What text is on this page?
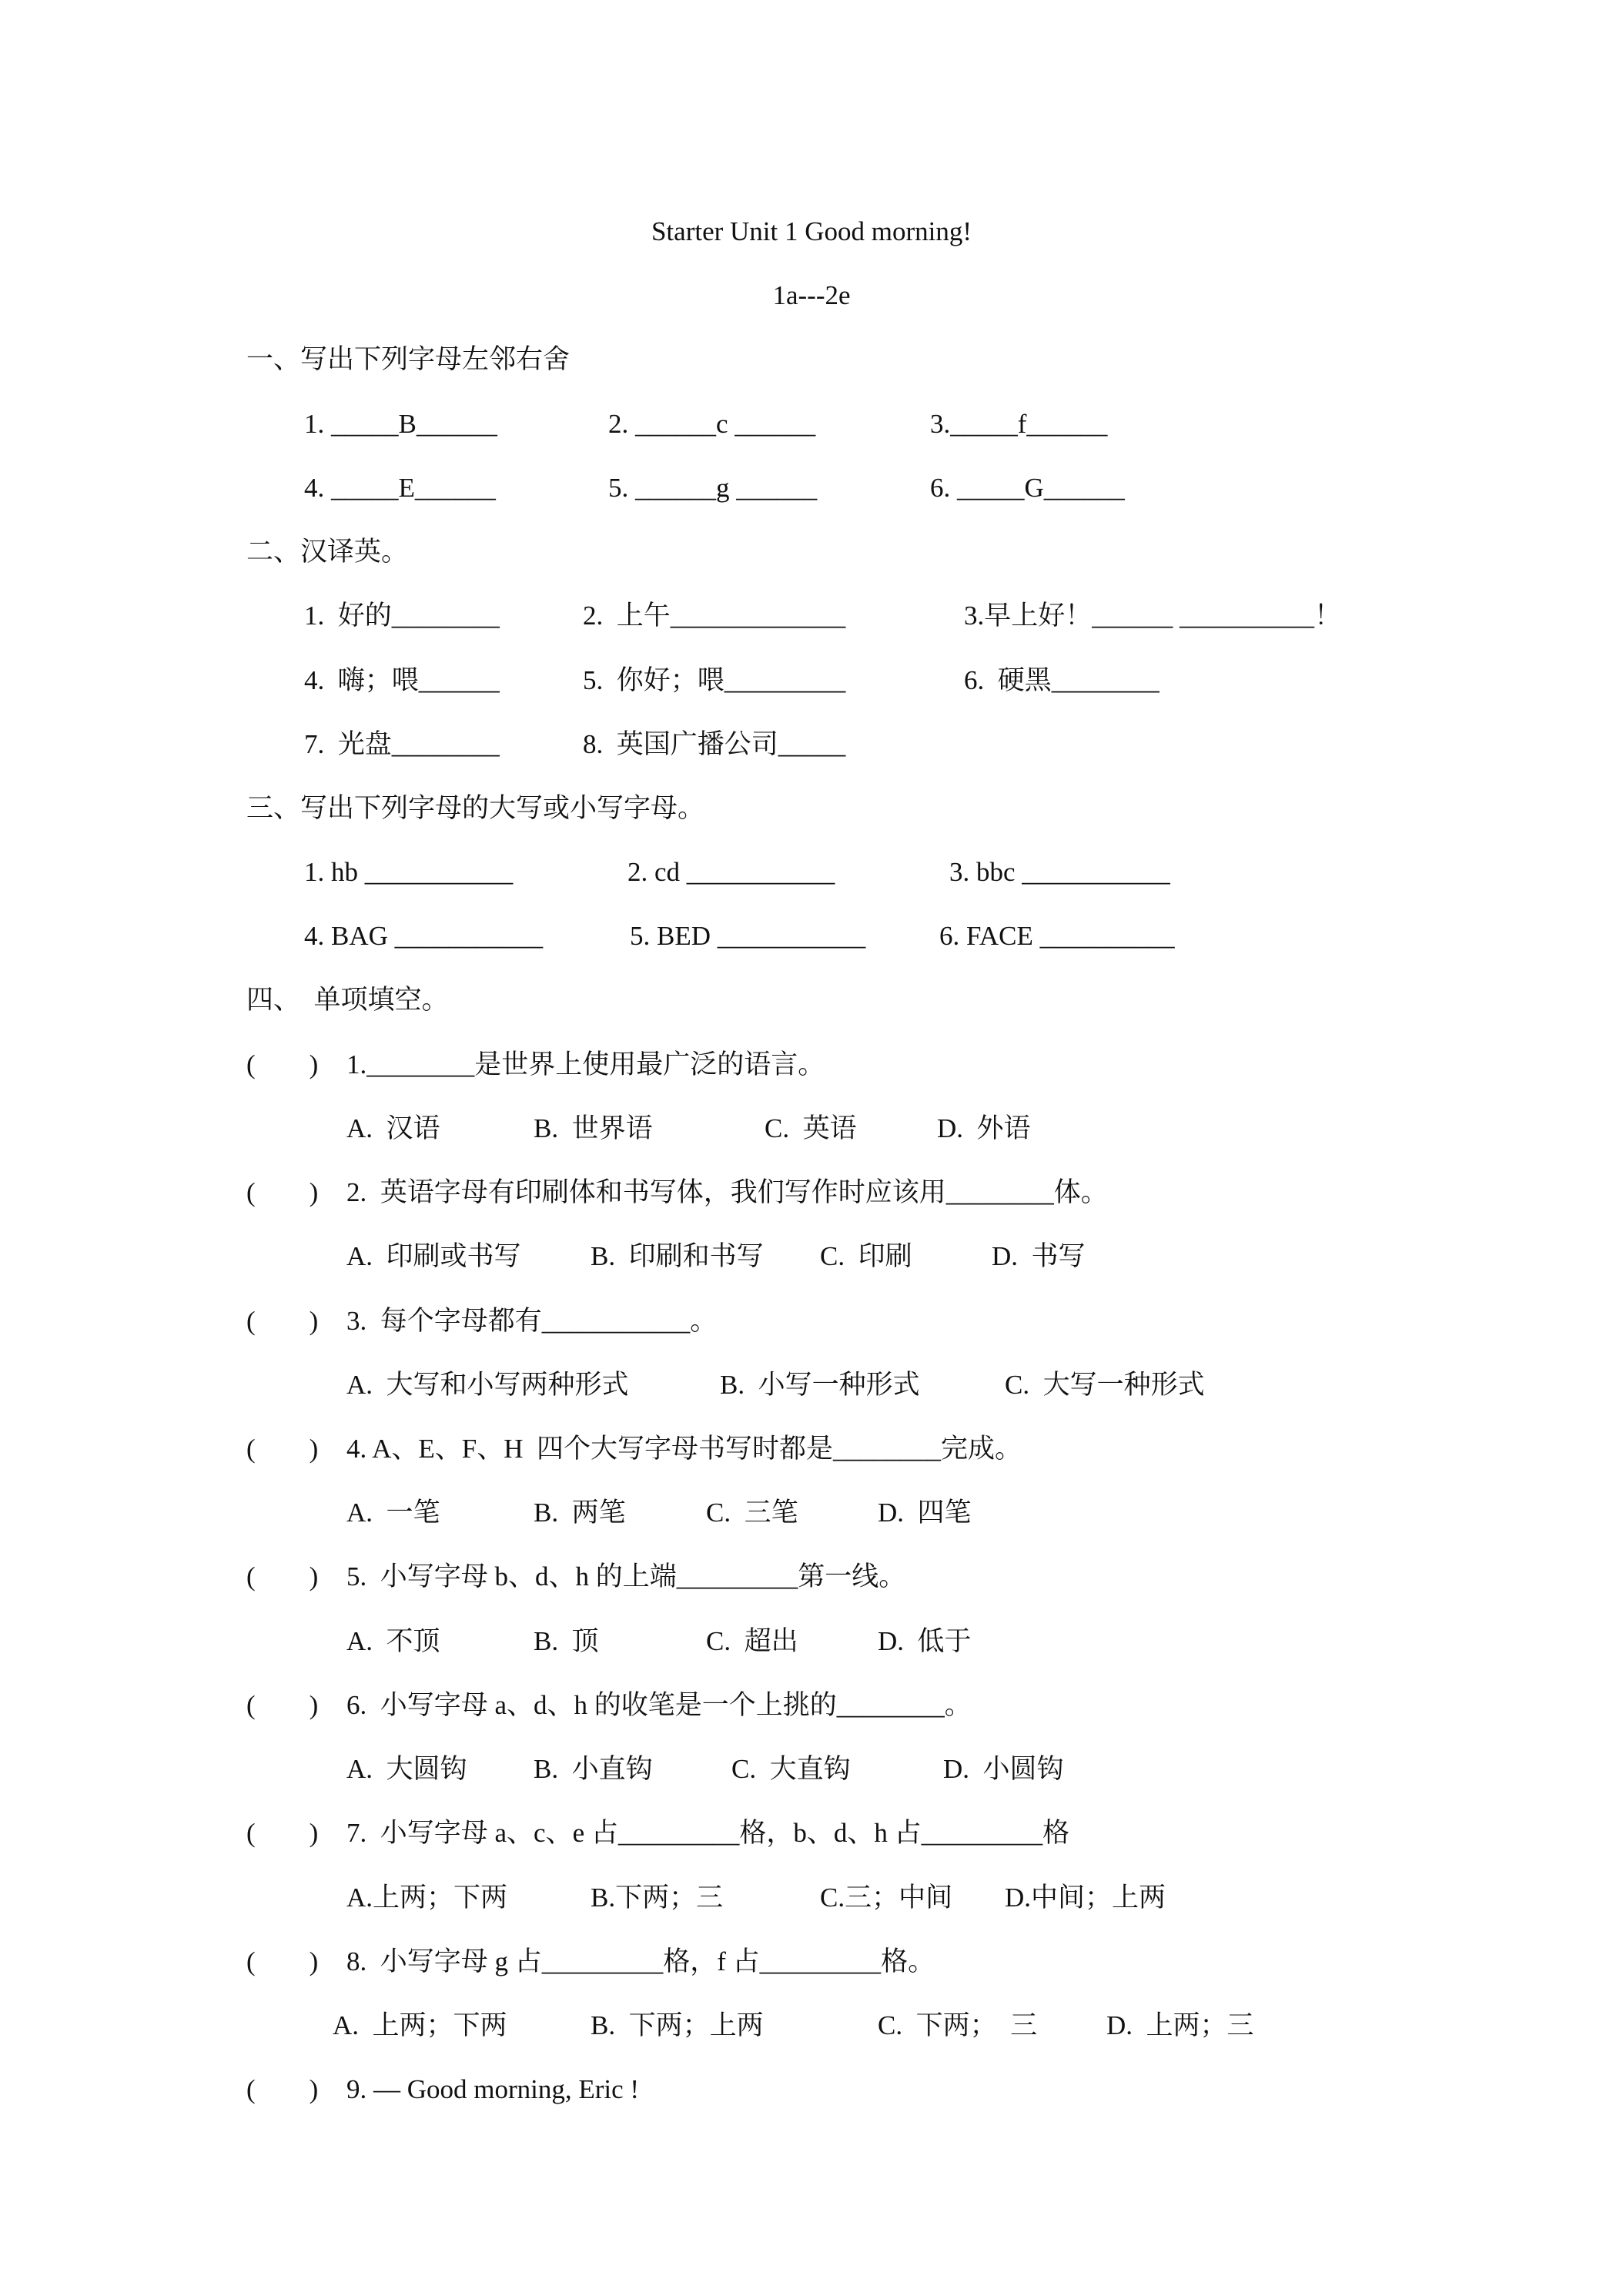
Starter Unit 1 Good morning!
1a---2e
一、写出下列字母左邻右舍
1. _____B______	2. ______c ______	3._____f______
4. _____E______	5. ______g ______	6. _____G______
二、汉译英。
1.  好的________	2.  上午_____________	3.早上好！______ __________！
4.  嗨；喂______	5.  你好；喂_________	6.  硬黑________
7.  光盘________	8.  英国广播公司_____
三、写出下列字母的大写或小写字母。
1. hb ___________	2. cd ___________	3. bbc ___________
4. BAG ___________	5. BED ___________	6. FACE __________
四、  单项填空。
(        ) 1.________是世界上使用最广泛的语言。
A.  汉语	B.  世界语	C.  英语	D.  外语
(        ) 2.  英语字母有印刷体和书写体，我们写作时应该用________体。
A.  印刷或书写	B.  印刷和书写 C.  印刷	D.  书写
(        ) 3.  每个字母都有___________。
A.  大写和小写两种形式	B.  小写一种形式	C.  大写一种形式
(        ) 4. A、E、F、H  四个大写字母书写时都是________完成。
A.  一笔	B.  两笔	C.  三笔	D.  四笔
(        ) 5.  小写字母 b、d、h 的上端_________第一线。
A.  不顶	B.  顶	C.  超出	D.  低于
(        ) 6.  小写字母 a、d、h 的收笔是一个上挑的________。
A.  大圆钩 B.  小直钩	C.  大直钩	D.  小圆钩
(        ) 7.  小写字母 a、c、e 占_________格，b、d、h 占_________格
A.上两；下两	B.下两；三	C.三；中间 D.中间；上两
(        ) 8.  小写字母 g 占_________格，f 占_________格。
A.  上两；下两	B.  下两；上两	C.  下两；  三	D.  上两；三
(        ) 9. — Good morning, Eric !
